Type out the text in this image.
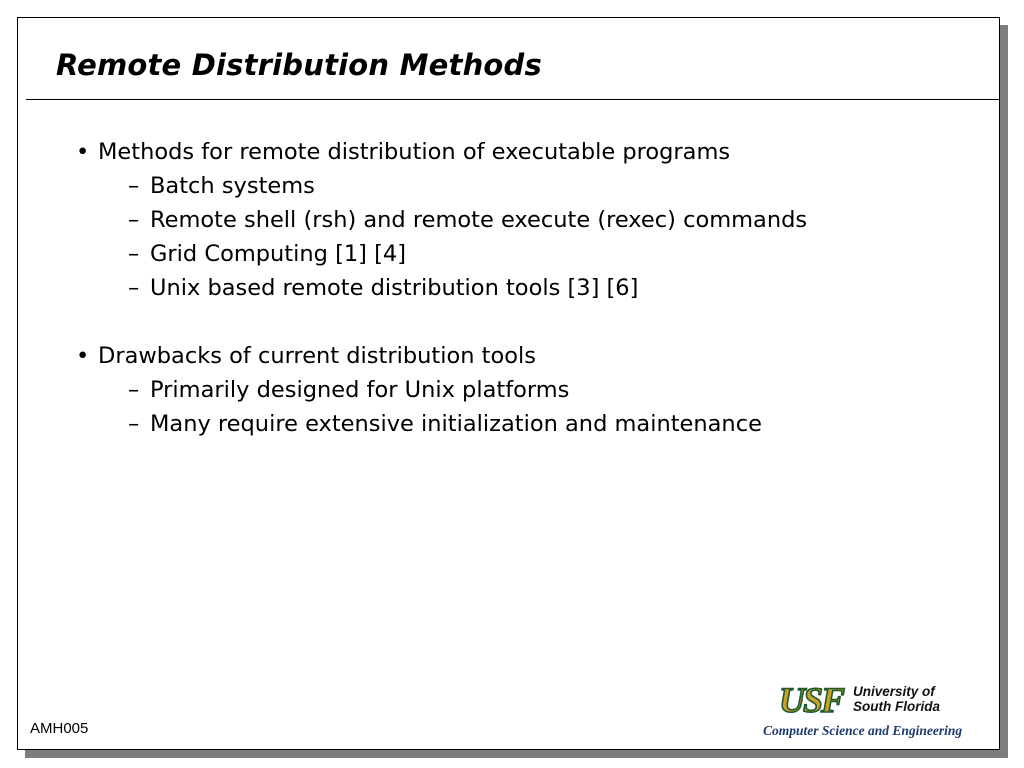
Remote Distribution Methods
• Methods for remote distribution of executable programs
– Batch systems
– Remote shell (rsh) and remote execute (rexec) commands
– Grid Computing [1] [4]
– Unix based remote distribution tools [3] [6]
• Drawbacks of current distribution tools
– Primarily designed for Unix platforms
– Many require extensive initialization and maintenance
AMH005
USF University of
South Florida
Computer Science and Engineering
